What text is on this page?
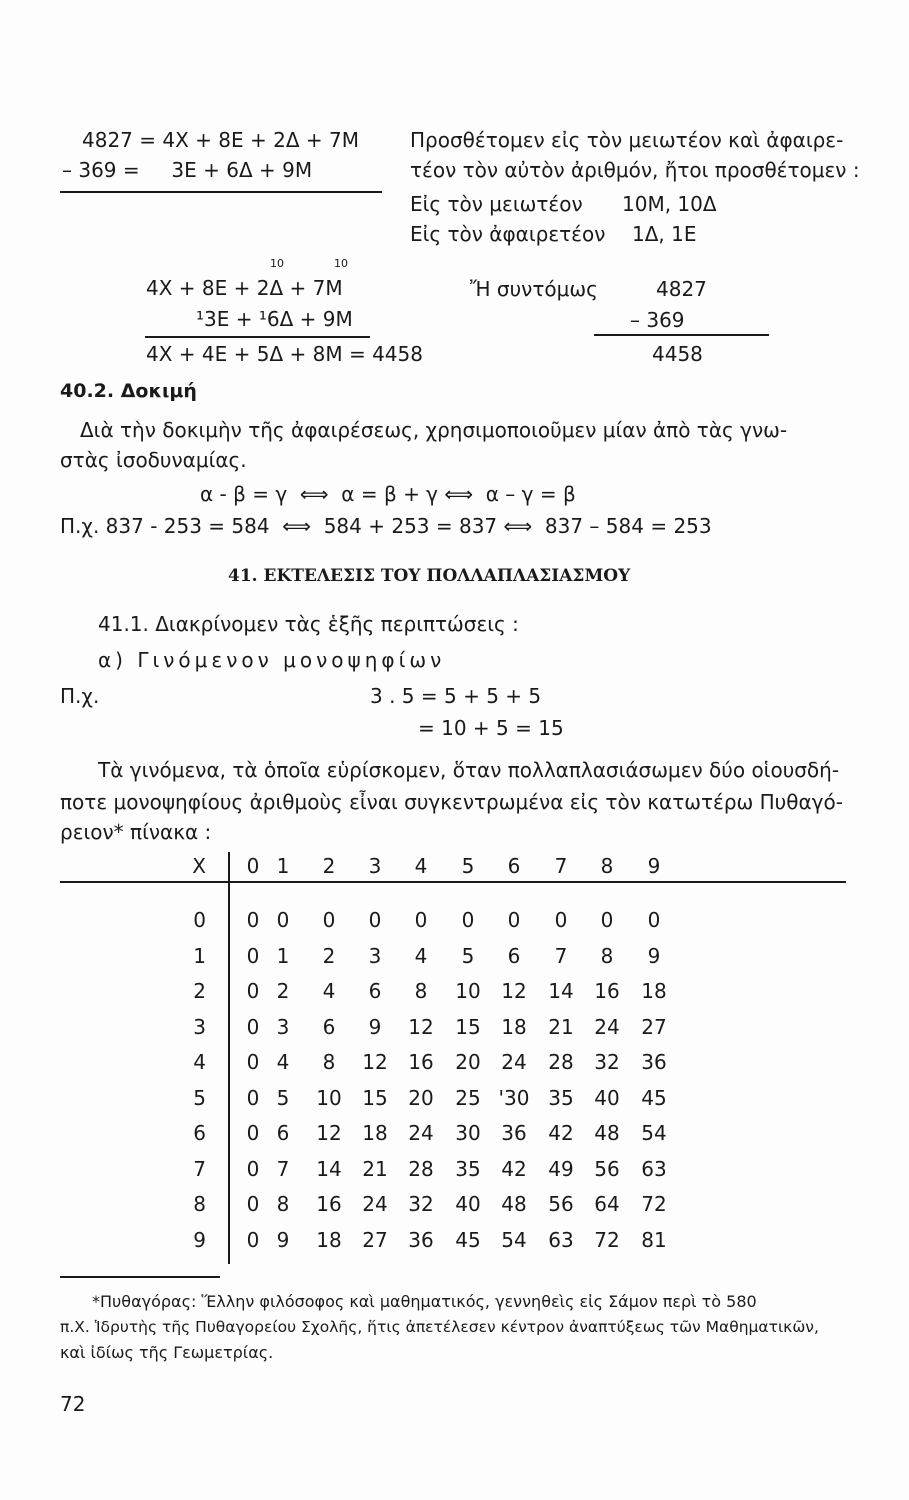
4827 = 4X + 8E + 2Δ + 7M
– 369 =     3E + 6Δ + 9M
10	10
4X + 8E + 2Δ + 7M
¹3E + ¹6Δ + 9M
4X + 4E + 5Δ + 8M = 4458
Προσθέτομεν εἰς τὸν μειωτέον καὶ ἀφαιρε-
τέον τὸν αὐτὸν ἀριθμόν, ἤτοι προσθέτομεν :
Εἰς τὸν μειωτέον 10Μ, 10Δ
Εἰς τὸν ἀφαιρετέον 1Δ, 1Ε
Ἤ συντόμως	4827
– 369
4458
40.2. Δοκιμή
Διὰ τὴν δοκιμὴν τῆς ἀφαιρέσεως, χρησιμοποιοῦμεν μίαν ἀπὸ τὰς γνω-
στὰς ἰσοδυναμίας.
α - β = γ  ⟺  α = β + γ ⟺  α – γ = β
Π.χ. 837 - 253 = 584  ⟺  584 + 253 = 837 ⟺  837 – 584 = 253
41. ΕΚΤΕΛΕΣΙΣ ΤΟΥ ΠΟΛΛΑΠΛΑΣΙΑΣΜΟΥ
41.1. Διακρίνομεν τὰς ἑξῆς περιπτώσεις :
α) Γινόμενον μονοψηφίων
Π.χ.	3 . 5 = 5 + 5 + 5
= 10 + 5 = 15
Τὰ γινόμενα, τὰ ὁποῖα εὑρίσκομεν, ὅταν πολλαπλασιάσωμεν δύο οἱουσδή-
ποτε μονοψηφίους ἀριθμοὺς εἶναι συγκεντρωμένα εἰς τὸν κατωτέρω Πυθαγό-
ρειον* πίνακα :
X	0 1	2	3	4	5	6	7	8	9
0	0 0	0	0	0	0	0	0	0	0
1	0 1	2	3	4	5	6	7	8	9
2	0 2	4	6	8	10	12	14	16	18
3	0 3	6	9	12	15	18	21	24	27
4	0 4	8	12	16	20	24	28	32	36
5	0 5	10	15	20	25 '30 35	40	45
6	0 6	12	18	24	30	36	42	48	54
7	0 7	14	21	28	35	42	49	56	63
8	0 8	16	24	32	40	48	56	64	72
9	0 9	18	27	36	45	54	63	72	81
*Πυθαγόρας: Ἕλλην φιλόσοφος καὶ μαθηματικός, γεννηθεὶς εἰς Σάμον περὶ τὸ 580
π.Χ. Ἱδρυτὴς τῆς Πυθαγορείου Σχολῆς, ἥτις ἀπετέλεσεν κέντρον ἀναπτύξεως τῶν Μαθηματικῶν,
καὶ ἰδίως τῆς Γεωμετρίας.
72
